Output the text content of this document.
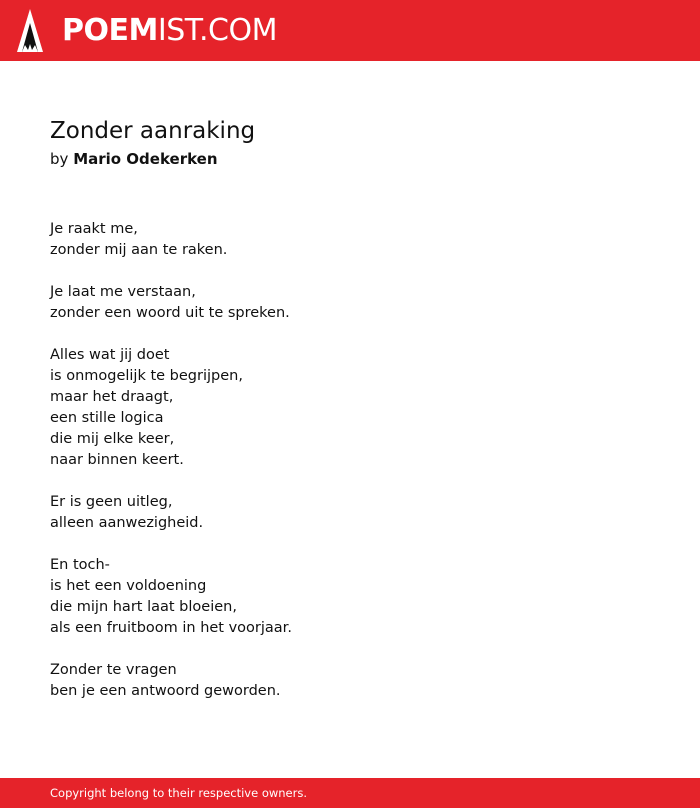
POEMIST.COM
Zonder aanraking
by Mario Odekerken
Je raakt me,
zonder mij aan te raken.
Je laat me verstaan,
zonder een woord uit te spreken.
Alles wat jij doet
is onmogelijk te begrijpen,
maar het draagt,
een stille logica
die mij elke keer,
naar binnen keert.
Er is geen uitleg,
alleen aanwezigheid.
En toch-
is het een voldoening
die mijn hart laat bloeien,
als een fruitboom in het voorjaar.
Zonder te vragen
ben je een antwoord geworden.
Copyright belong to their respective owners.
